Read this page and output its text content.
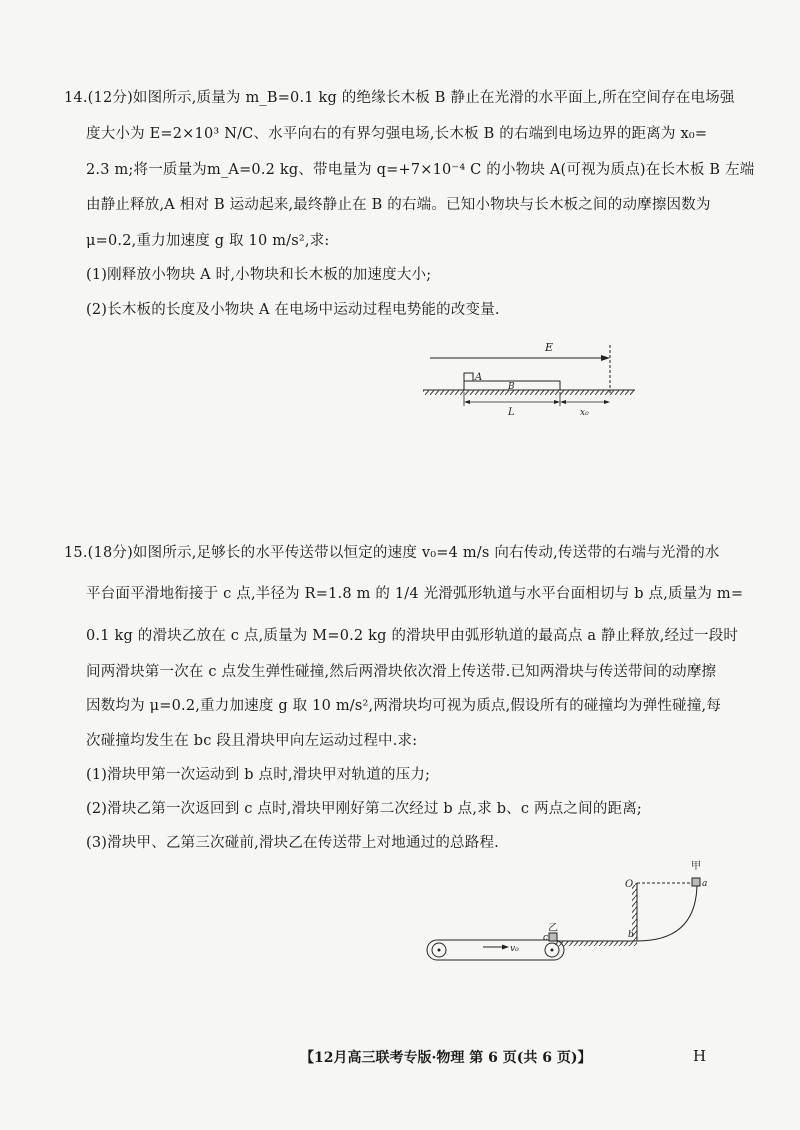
14.(12分)如图所示,质量为 m_B=0.1 kg 的绝缘长木板 B 静止在光滑的水平面上,所在空间存在电场强
度大小为 E=2×10³ N/C、水平向右的有界匀强电场,长木板 B 的右端到电场边界的距离为 x₀=
2.3 m;将一质量为m_A=0.2 kg、带电量为 q=+7×10⁻⁴ C 的小物块 A(可视为质点)在长木板 B 左端
由静止释放,A 相对 B 运动起来,最终静止在 B 的右端。已知小物块与长木板之间的动摩擦因数为
μ=0.2,重力加速度 g 取 10 m/s²,求:
(1)刚释放小物块 A 时,小物块和长木板的加速度大小;
(2)长木板的长度及小物块 A 在电场中运动过程电势能的改变量.
E
B
A
L	x₀
15.(18分)如图所示,足够长的水平传送带以恒定的速度 v₀=4 m/s 向右传动,传送带的右端与光滑的水
平台面平滑地衔接于 c 点,半径为 R=1.8 m 的 1/4 光滑弧形轨道与水平台面相切与 b 点,质量为 m=
0.1 kg 的滑块乙放在 c 点,质量为 M=0.2 kg 的滑块甲由弧形轨道的最高点 a 静止释放,经过一段时
间两滑块第一次在 c 点发生弹性碰撞,然后两滑块依次滑上传送带.已知两滑块与传送带间的动摩擦
因数均为 μ=0.2,重力加速度 g 取 10 m/s²,两滑块均可视为质点,假设所有的碰撞均为弹性碰撞,每
次碰撞均发生在 bc 段且滑块甲向左运动过程中.求:
(1)滑块甲第一次运动到 b 点时,滑块甲对轨道的压力;
(2)滑块乙第一次返回到 c 点时,滑块甲刚好第二次经过 b 点,求 b、c 两点之间的距离;
(3)滑块甲、乙第三次碰前,滑块乙在传送带上对地通过的总路程.
v₀
乙
c	b
O
甲
a
【12月高三联考专版·物理 第 6 页(共 6 页)】	H
